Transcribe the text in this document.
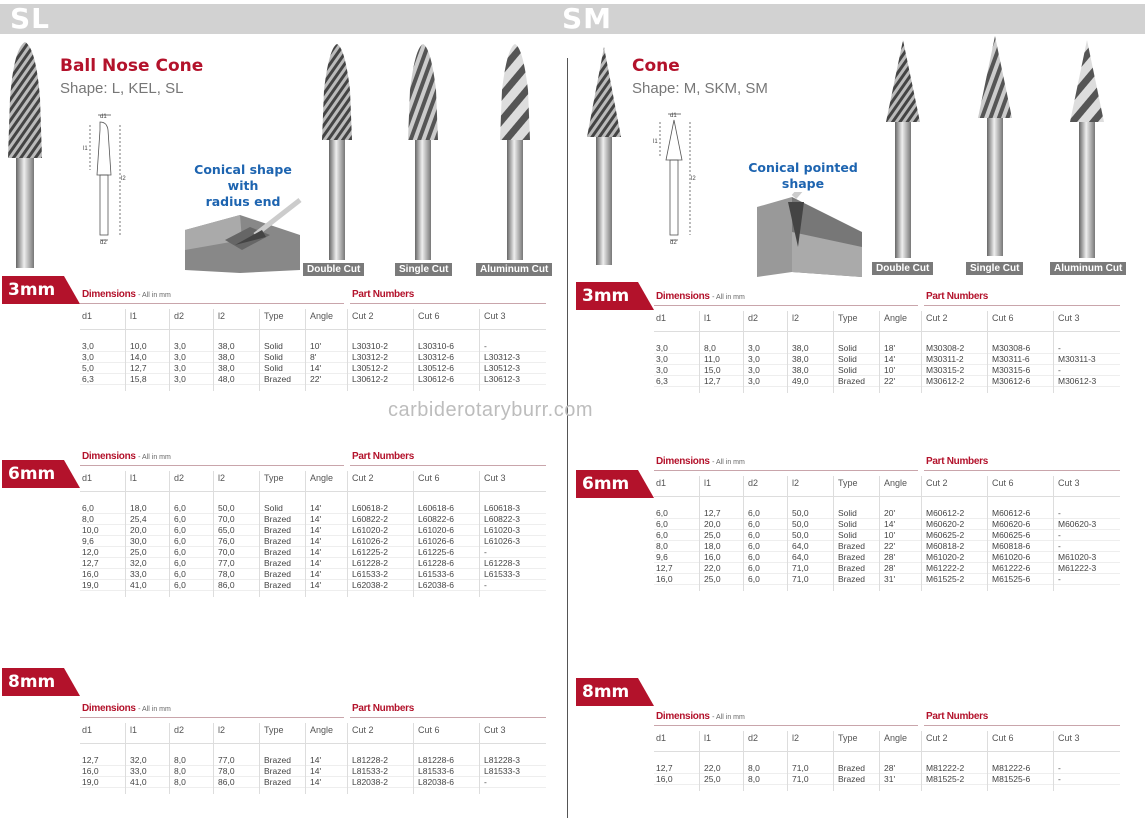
SL	SM
Ball Nose Cone
Shape: L, KEL, SL
d1
l1
l2
d2
Conical shape with
radius end
Double Cut	Single Cut	Aluminum Cut
Cone
Shape: M, SKM, SM
d1
l1
l2
d2
Conical pointed
shape
Double Cut	Single Cut	Aluminum Cut
carbiderotaryburr.com
3mm
6mm
8mm
3mm
6mm
8mm
Dimensions - All in mm	Part Numbers
d1	l1	d2	l2	Type	Angle Cut 2	Cut 6	Cut 3
3,0	10,0	3,0	38,0	Solid	10'	L30310-2	L30310-6	-
3,0	14,0	3,0	38,0	Solid	8'	L30312-2	L30312-6	L30312-3
5,0	12,7	3,0	38,0	Solid	14'	L30512-2	L30512-6	L30512-3
6,3	15,8	3,0	48,0	Brazed 22'	L30612-2	L30612-6	L30612-3
Dimensions - All in mm	Part Numbers
d1	l1	d2	l2	Type	Angle Cut 2	Cut 6	Cut 3
6,0	18,0	6,0	50,0	Solid	14'	L60618-2	L60618-6	L60618-3
8,0	25,4	6,0	70,0	Brazed 14'	L60822-2	L60822-6	L60822-3
10,0	20,0	6,0	65,0	Brazed 14'	L61020-2	L61020-6	L61020-3
9,6	30,0	6,0	76,0	Brazed 14'	L61026-2	L61026-6	L61026-3
12,0	25,0	6,0	70,0	Brazed 14'	L61225-2	L61225-6	-
12,7	32,0	6,0	77,0	Brazed 14'	L61228-2	L61228-6	L61228-3
16,0	33,0	6,0	78,0	Brazed 14'	L61533-2	L61533-6	L61533-3
19,0	41,0	6,0	86,0	Brazed 14'	L62038-2	L62038-6	-
Dimensions - All in mm	Part Numbers
d1	l1	d2	l2	Type	Angle Cut 2	Cut 6	Cut 3
12,7	32,0	8,0	77,0	Brazed 14'	L81228-2	L81228-6	L81228-3
16,0	33,0	8,0	78,0	Brazed 14'	L81533-2	L81533-6	L81533-3
19,0	41,0	8,0	86,0	Brazed 14'	L82038-2	L82038-6	-
Dimensions - All in mm	Part Numbers
d1	l1	d2	l2	Type	Angle Cut 2	Cut 6	Cut 3
3,0	8,0	3,0	38,0	Solid	18'	M30308-2	M30308-6	-
3,0	11,0	3,0	38,0	Solid	14'	M30311-2	M30311-6	M30311-3
3,0	15,0	3,0	38,0	Solid	10'	M30315-2	M30315-6	-
6,3	12,7	3,0	49,0	Brazed 22'	M30612-2	M30612-6	M30612-3
Dimensions - All in mm	Part Numbers
d1	l1	d2	l2	Type	Angle Cut 2	Cut 6	Cut 3
6,0	12,7	6,0	50,0	Solid	20'	M60612-2	M60612-6	-
6,0	20,0	6,0	50,0	Solid	14'	M60620-2	M60620-6	M60620-3
6,0	25,0	6,0	50,0	Solid	10'	M60625-2	M60625-6	-
8,0	18,0	6,0	64,0	Brazed 22'	M60818-2	M60818-6	-
9,6	16,0	6,0	64,0	Brazed 28'	M61020-2	M61020-6	M61020-3
12,7	22,0	6,0	71,0	Brazed 28'	M61222-2	M61222-6	M61222-3
16,0	25,0	6,0	71,0	Brazed 31'	M61525-2	M61525-6	-
Dimensions - All in mm	Part Numbers
d1	l1	d2	l2	Type	Angle Cut 2	Cut 6	Cut 3
12,7	22,0	8,0	71,0	Brazed 28'	M81222-2	M81222-6	-
16,0	25,0	8,0	71,0	Brazed 31'	M81525-2	M81525-6	-
